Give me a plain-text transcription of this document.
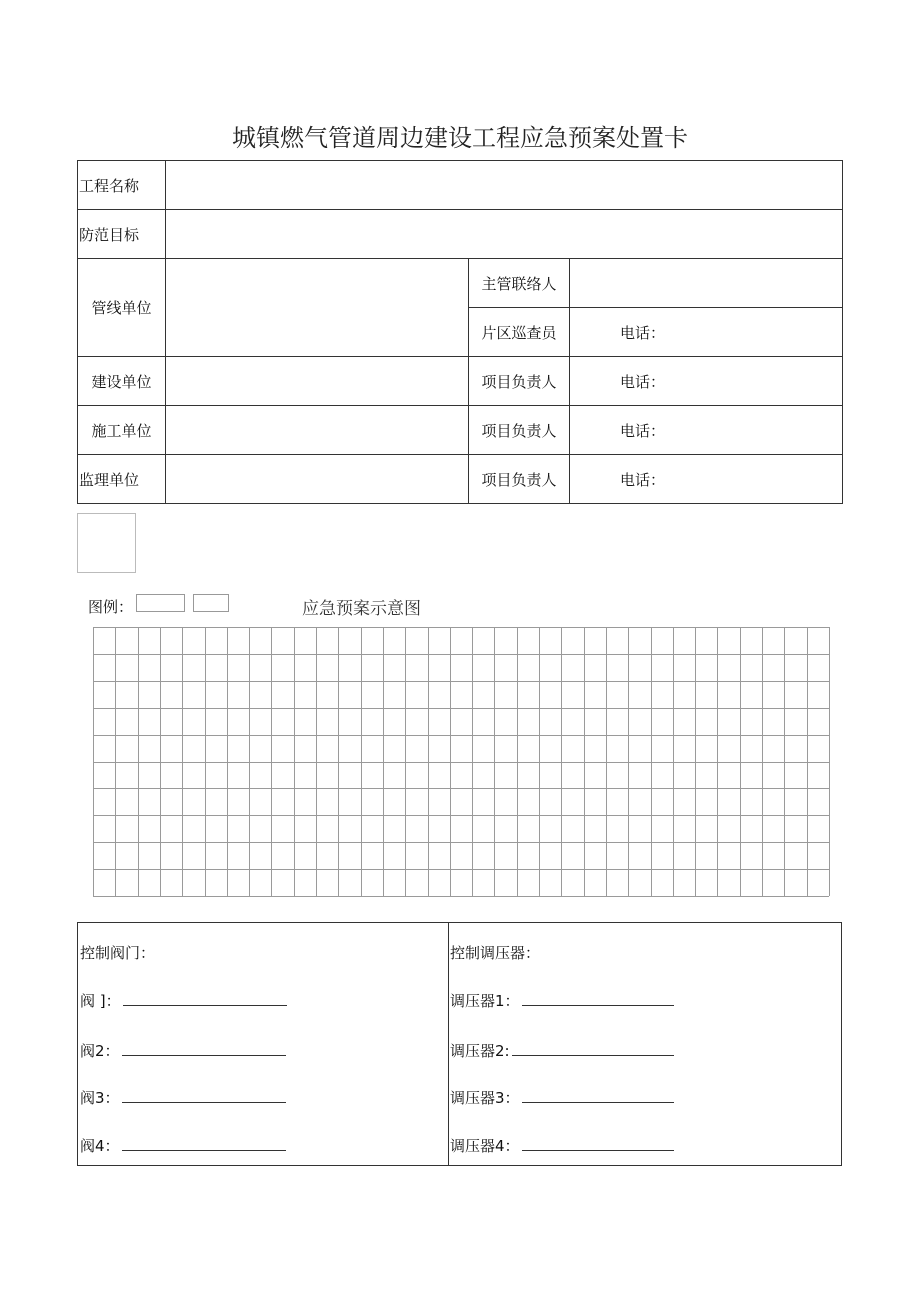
城镇燃气管道周边建设工程应急预案处置卡
工程名称			
防范目标			
管线单位		主管联络人	
		片区巡查员	电话：
建设单位		项目负责人	电话：
施工单位		项目负责人	电话：
监理单位		项目负责人	电话：
图例：	应急预案示意图
控制阀门：
阀 ]：
阀2：
阀3：
阀4：
控制调压器：
调压器1：
调压器2:
调压器3：
调压器4：
